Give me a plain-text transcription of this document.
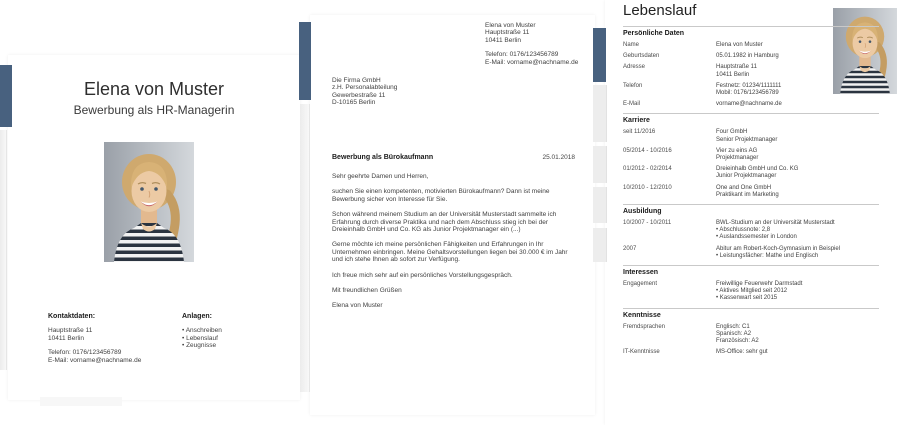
Elena von Muster
Bewerbung als HR-Managerin
Kontaktdaten:
Hauptstraße 11
10411 Berlin
Telefon: 0176/123456789
E-Mail: vorname@nachname.de
Anlagen:
• Anschreiben
• Lebenslauf
• Zeugnisse
Elena von Muster
Hauptstraße 11
10411 Berlin
Telefon: 0176/123456789
E-Mail: vorname@nachname.de
Die Firma GmbH
z.H. Personalabteilung
Gewerbestraße 11
D-10165 Berlin
Bewerbung als Bürokaufmann	25.01.2018

Sehr geehrte Damen und Herren,

suchen Sie einen kompetenten, motivierten Bürokaufmann? Dann ist meine Bewerbung sicher von Interesse für Sie.

Schon während meinem Studium an der Universität Musterstadt sammelte ich Erfahrung durch diverse Praktika und nach dem Abschluss stieg ich bei der Dreieinhalb GmbH und Co. KG als Junior Projektmanager ein (...)

Gerne möchte ich meine persönlichen Fähigkeiten und Erfahrungen in Ihr Unternehmen einbringen. Meine Gehaltsvorstellungen liegen bei 30.000 € im Jahr und ich stehe Ihnen ab sofort zur Verfügung.

Ich freue mich sehr auf ein persönliches Vorstellungsgespräch.

Mit freundlichen Grüßen

Elena von Muster

Lebenslauf
Persönliche Daten
Name	Elena von Muster
Geburtsdaten	05.01.1982 in Hamburg
Adresse	Hauptstraße 11
10411 Berlin
Telefon	Festnetz: 01234/1111111
Mobil: 0176/123456789
E-Mail	vorname@nachname.de
Karriere
seit 11/2016	Four GmbH
Senior Projektmanager
05/2014 - 10/2016	Vier zu eins AG
Projektmanager
01/2012 - 02/2014	Dreieinhalb GmbH und Co. KG
Junior Projektmanager
10/2010 - 12/2010	One and One GmbH
Praktikant im Marketing
Ausbildung
10/2007 - 10/2011	BWL-Studium an der Universität Musterstadt
• Abschlussnote: 2,8
• Auslandssemester in London
2007	Abitur am Robert-Koch-Gymnasium in Beispiel
• Leistungsfächer: Mathe und Englisch
Interessen
Engagement	Freiwillige Feuerwehr Darmstadt
• Aktives Mitglied seit 2012
• Kassenwart seit 2015
Kenntnisse
Fremdsprachen	Englisch: C1
Spanisch: A2
Französisch: A2
IT-Kenntnisse	MS-Office: sehr gut
